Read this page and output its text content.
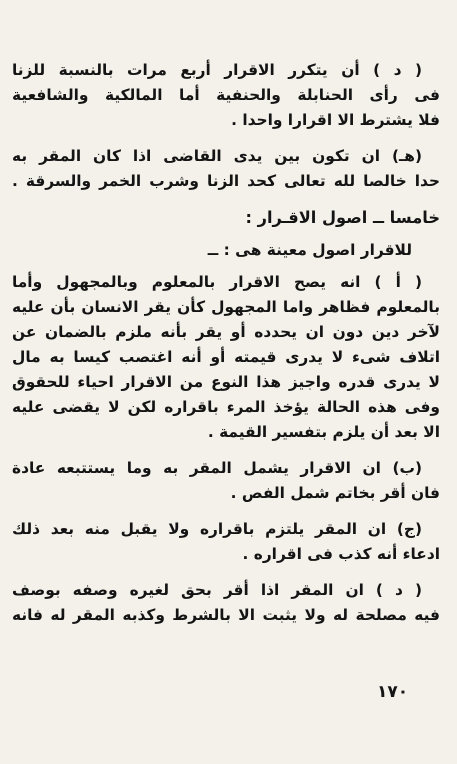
( د ) أن يتكرر الاقرار أربع مرات بالنسبة للزنا
فى رأى الحنابلة والحنفية أما المالكية والشافعية
فلا يشترط الا اقرارا واحدا .
(هـ) ان تكون بين يدى القاضى اذا كان المقر به
حدا خالصا لله تعالى كحد الزنا وشرب الخمر والسرقة .
خامسا ــ اصول الاقـرار :
للاقرار اصول معينة هى : ــ
( أ ) انه يصح الاقرار بالمعلوم وبالمجهول وأما
بالمعلوم فظاهر واما المجهول كأن يقر الانسان بأن عليه
لآخر دين دون ان يحدده أو يقر بأنه ملزم بالضمان عن
اتلاف شىء لا يدرى قيمته أو أنه اغتصب كيسا به مال
لا يدرى قدره واجيز هذا النوع من الاقرار احياء للحقوق
وفى هذه الحالة يؤخذ المرء باقراره لكن لا يقضى عليه
الا بعد أن يلزم بتفسير القيمة .
(ب) ان الاقرار يشمل المقر به وما يستتبعه عادة
فان أقر بخاتم شمل الفص .
(ج) ان المقر يلتزم باقراره ولا يقبل منه بعد ذلك
ادعاء أنه كذب فى اقراره .
( د ) ان المقر اذا أقر بحق لغيره وصفه بوصف
فيه مصلحة له ولا يثبت الا بالشرط وكذبه المقر له فانه
١٧٠
